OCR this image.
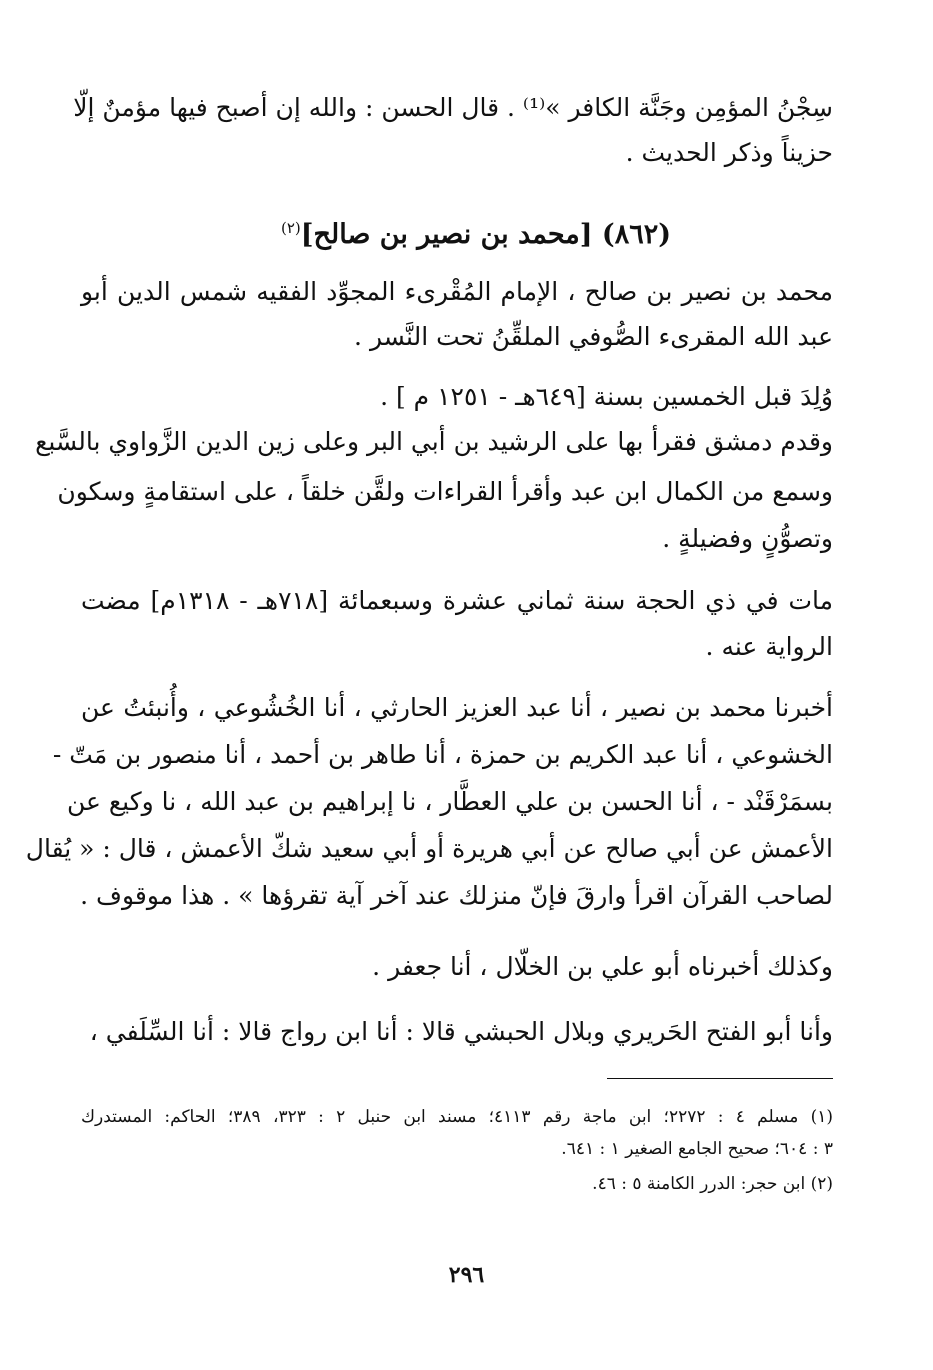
سِجْنُ المؤمِن وجَنَّة الكافر »⁽¹⁾ . قال الحسن : والله إن أصبح فيها مؤمنٌ إلّا
حزيناً وذكر الحديث .
(٨٦٢) [محمد بن نصير بن صالح]$^{(٢)}$
محمد بن نصير بن صالح ، الإمام المُقْرىء المجوِّد الفقيه شمس الدين أبو
عبد الله المقرىء الصُّوفي الملقِّنُ تحت النَّسر .
وُلِدَ قبل الخمسين بسنة [٦٤٩هـ - ١٢٥١ م ] .
وقدم دمشق فقرأ بها على الرشيد بن أبي البر وعلى زين الدين الزَّواوي بالسَّبع
وسمع من الكمال ابن عبد وأقرأ القراءات ولقَّن خلقاً ، على استقامةٍ وسكون
وتصوُّنٍ وفضيلةٍ .
مات في ذي الحجة سنة ثماني عشرة وسبعمائة [٧١٨هـ - ١٣١٨م] مضت
الرواية عنه .
أخبرنا محمد بن نصير ، أنا عبد العزيز الحارثي ، أنا الخُشُوعي ، وأُنبئتُ عن
الخشوعي ، أنا عبد الكريم بن حمزة ، أنا طاهر بن أحمد ، أنا منصور بن مَتّ -
بسمَرْقَنْد - ، أنا الحسن بن علي العطَّار ، نا إبراهيم بن عبد الله ، نا وكيع عن
الأعمش عن أبي صالح عن أبي هريرة أو أبي سعيد شكّ الأعمش ، قال : « يُقال
لصاحب القرآن اقرأ وارقَ فإنّ منزلك عند آخر آية تقرؤها » . هذا موقوف .
وكذلك أخبرناه أبو علي بن الخلّال ، أنا جعفر .
وأنا أبو الفتح الحَريري وبلال الحبشي قالا : أنا ابن رواج قالا : أنا السِّلَفي ،
(١) مسلم ٤ : ٢٢٧٢؛ ابن ماجة رقم ٤١١٣؛ مسند ابن حنبل ٢ : ٣٢٣، ٣٨٩؛ الحاكم: المستدرك
٣ : ٦٠٤؛ صحيح الجامع الصغير ١ : ٦٤١.
(٢) ابن حجر: الدرر الكامنة ٥ : ٤٦.
٢٩٦
